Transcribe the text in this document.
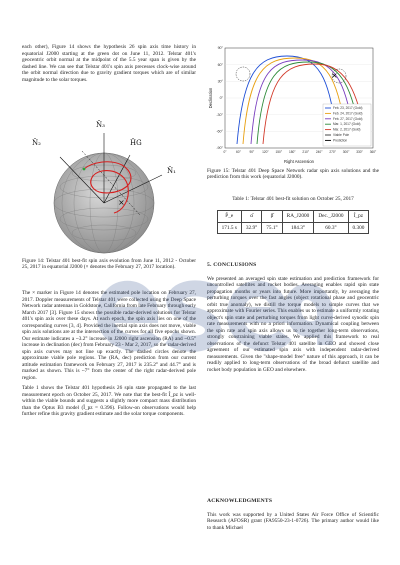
each other), Figure 14 shows the hypothesis 26 spin axis time history in equatorial J2000 starting at the green dot on June 11, 2012. Telstar 401's geocentric orbit normal at the midpoint of the 5.5 year span is given by the dashed line. We can see that Telstar 401's spin axis precesses clock-wise around the orbit normal direction due to gravity gradient torques which are of similar magnitude to the solar torques.

×
N̂₂
N̂₃
ĤG
N̂₁

Figure 14: Telstar 401 best-fit spin axis evolution from June 11, 2012 - October 25, 2017 in equatorial J2000 (× denotes the February 27, 2017 location).

The × marker in Figure 14 denotes the estimated pole location on February 27, 2017. Doppler measurements of Telstar 401 were collected using the Deep Space Network radar antennas in Goldstone, California from late February through early March 2017 [3]. Figure 15 shows the possible radar-derived solutions for Telstar 401's spin axis over these days. At each epoch, the spin axis lies on one of the corresponding curves [3, 4]. Provided the inertial spin axis does not move, viable spin axis solutions are at the intersection of the curves for all five epochs shown. Our estimate indicates a ~3.2° increase in J2000 right ascension (RA) and ~0.5° increase in declination (dec) from February 23 - Mar 2, 2017, so the radar-derived spin axis curves may not line up exactly. The dashed circles denote the approximate viable pole regions. The (RA, dec) prediction from our current attitude estimation framework on February 27, 2017 is 235.2° and 44.7° and is marked as shown. This is ~7° from the center of the right radar-derived pole region.

Table 1 shows the Telstar 401 hypothesis 26 spin state propagated to the last measurement epoch on October 25, 2017. We note that the best-fit Î_pz is well-within the viable bounds and suggests a slightly more compact mass distribution than the Optus B3 model (Î_pz = 0.396). Follow-on observations would help further refine this gravity gradient estimate and the solar torque components.

×
Feb. 23, 2017 (Gold)
Feb. 24, 2017 (Gold)
Feb. 27, 2017 (Gold)
Mar. 1, 2017 (Gold)
Mar. 2, 2017 (Gold)
Viable Pole
Prediction
90°
60°
30°
0°
-30°
-60°
-90°
0°	60°	90° 120° 150° 180° 210° 240° 270° 300° 330° 360°
Right Ascension
Declination

Figure 15: Telstar 401 Deep Space Network radar spin axis solutions and the prediction from this work (equatorial J2000).

Table 1: Telstar 401 best-fit solution on October 25, 2017

P̂_e	α̂	β̂	RA_J2000	Dec._J2000	Î_pz
171.5 s	32.9°	75.1°	184.3°	60.3°	0.300

5. CONCLUSIONS

We presented an averaged spin state estimation and prediction framework for uncontrolled satellites and rocket bodies. Averaging enables rapid spin state propagation months or years into future. More importantly, by averaging the perturbing torques over the fast angles (object rotational phase and geocentric orbit true anomaly), we distill the torque models to simple curves that we approximate with Fourier series. This enables us to estimate a uniformly rotating object's spin state and perturbing torques from light curve-derived synodic spin rate measurements with no a priori information. Dynamical coupling between the spin rate and spin axis allows us to tie together long-term observations, strongly constraining viable states. We applied this framework to real observations of the defunct Telstar 401 satellite in GEO and showed close agreement of our estimated spin axis with independent radar-derived measurements. Given the "shape-model free" nature of this approach, it can be readily applied to long-term observations of the broad defunct satellite and rocket body population in GEO and elsewhere.

ACKNOWLEDGMENTS

This work was supported by a United States Air Force Office of Scientific Research (AFOSR) grant (FA9550-23-1-0726). The primary author would like to thank Michael
